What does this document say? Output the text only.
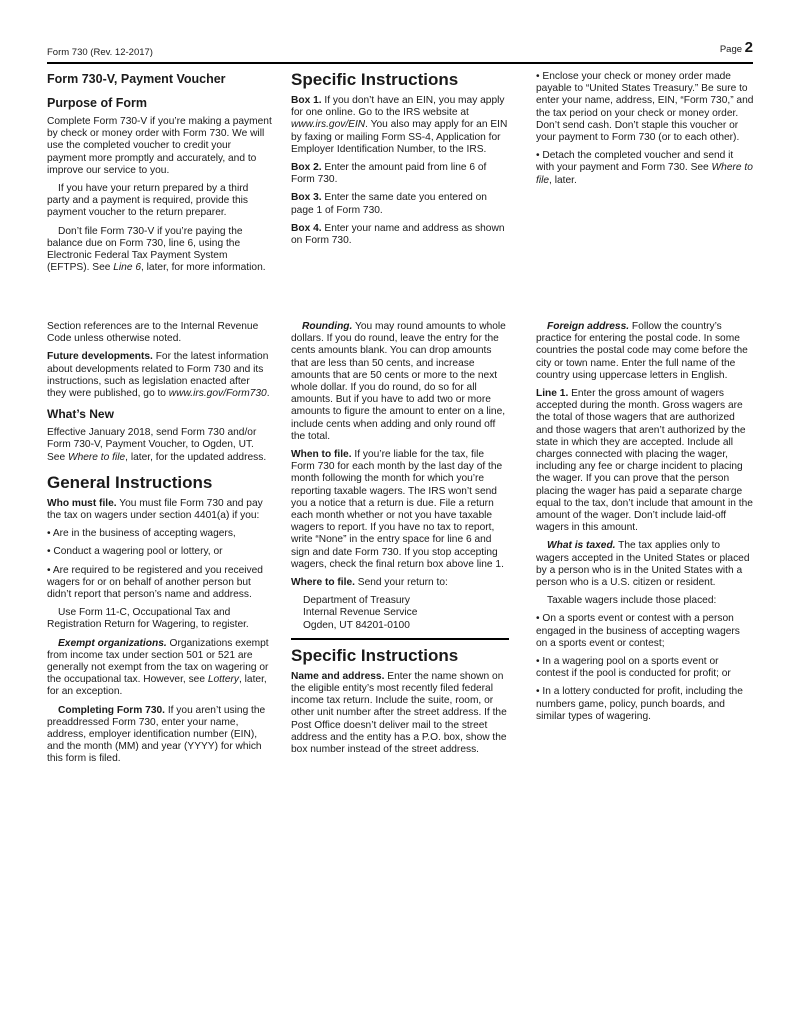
Form 730 (Rev. 12-2017)	Page 2
Form 730-V, Payment Voucher
Purpose of Form

Complete Form 730-V if you’re making a payment by check or money order with Form 730. We will use the completed voucher to credit your payment more promptly and accurately, and to improve our service to you.

If you have your return prepared by a third party and a payment is required, provide this payment voucher to the return preparer.

Don’t file Form 730-V if you’re paying the balance due on Form 730, line 6, using the Electronic Federal Tax Payment System (EFTPS). See Line 6, later, for more information.

Specific Instructions

Box 1. If you don’t have an EIN, you may apply for one online. Go to the IRS website at www.irs.gov/EIN. You also may apply for an EIN by faxing or mailing Form SS-4, Application for Employer Identification Number, to the IRS.

Box 2. Enter the amount paid from line 6 of Form 730.

Box 3. Enter the same date you entered on page 1 of Form 730.

Box 4. Enter your name and address as shown on Form 730.

• Enclose your check or money order made payable to “United States Treasury.” Be sure to enter your name, address, EIN, “Form 730,” and the tax period on your check or money order. Don’t send cash. Don’t staple this voucher or your payment to Form 730 (or to each other).

• Detach the completed voucher and send it with your payment and Form 730. See Where to file, later.

Section references are to the Internal Revenue Code unless otherwise noted.

Future developments. For the latest information about developments related to Form 730 and its instructions, such as legislation enacted after they were published, go to www.irs.gov/Form730.

What’s New

Effective January 2018, send Form 730 and/or Form 730-V, Payment Voucher, to Ogden, UT. See Where to file, later, for the updated address.

General Instructions

Who must file. You must file Form 730 and pay the tax on wagers under section 4401(a) if you:

• Are in the business of accepting wagers,

• Conduct a wagering pool or lottery, or

• Are required to be registered and you received wagers for or on behalf of another person but didn’t report that person’s name and address.

Use Form 11-C, Occupational Tax and Registration Return for Wagering, to register.

Exempt organizations. Organizations exempt from income tax under section 501 or 521 are generally not exempt from the tax on wagering or the occupational tax. However, see Lottery, later, for an exception.

Completing Form 730. If you aren’t using the preaddressed Form 730, enter your name, address, employer identification number (EIN), and the month (MM) and year (YYYY) for which this form is filed.

Rounding. You may round amounts to whole dollars. If you do round, leave the entry for the cents amounts blank. You can drop amounts that are less than 50 cents, and increase amounts that are 50 cents or more to the next whole dollar. If you do round, do so for all amounts. But if you have to add two or more amounts to figure the amount to enter on a line, include cents when adding and only round off the total.

When to file. If you’re liable for the tax, file Form 730 for each month by the last day of the month following the month for which you’re reporting taxable wagers. The IRS won’t send you a notice that a return is due. File a return each month whether or not you have taxable wagers to report. If you have no tax to report, write “None” in the entry space for line 6 and sign and date Form 730. If you stop accepting wagers, check the final return box above line 1.

Where to file. Send your return to:

Department of Treasury
Internal Revenue Service
Ogden, UT 84201-0100
Specific Instructions

Name and address. Enter the name shown on the eligible entity’s most recently filed federal income tax return. Include the suite, room, or other unit number after the street address. If the Post Office doesn’t deliver mail to the street address and the entity has a P.O. box, show the box number instead of the street address.

Foreign address. Follow the country’s practice for entering the postal code. In some countries the postal code may come before the city or town name. Enter the full name of the country using uppercase letters in English.

Line 1. Enter the gross amount of wagers accepted during the month. Gross wagers are the total of those wagers that are authorized and those wagers that aren’t authorized by the state in which they are accepted. Include all charges connected with placing the wager, including any fee or charge incident to placing the wager. If you can prove that the person placing the wager has paid a separate charge equal to the tax, don’t include that amount in the amount of the wager. Don’t include laid-off wagers in this amount.

What is taxed. The tax applies only to wagers accepted in the United States or placed by a person who is in the United States with a person who is a U.S. citizen or resident.

Taxable wagers include those placed:

• On a sports event or contest with a person engaged in the business of accepting wagers on a sports event or contest;

• In a wagering pool on a sports event or contest if the pool is conducted for profit; or

• In a lottery conducted for profit, including the numbers game, policy, punch boards, and similar types of wagering.
